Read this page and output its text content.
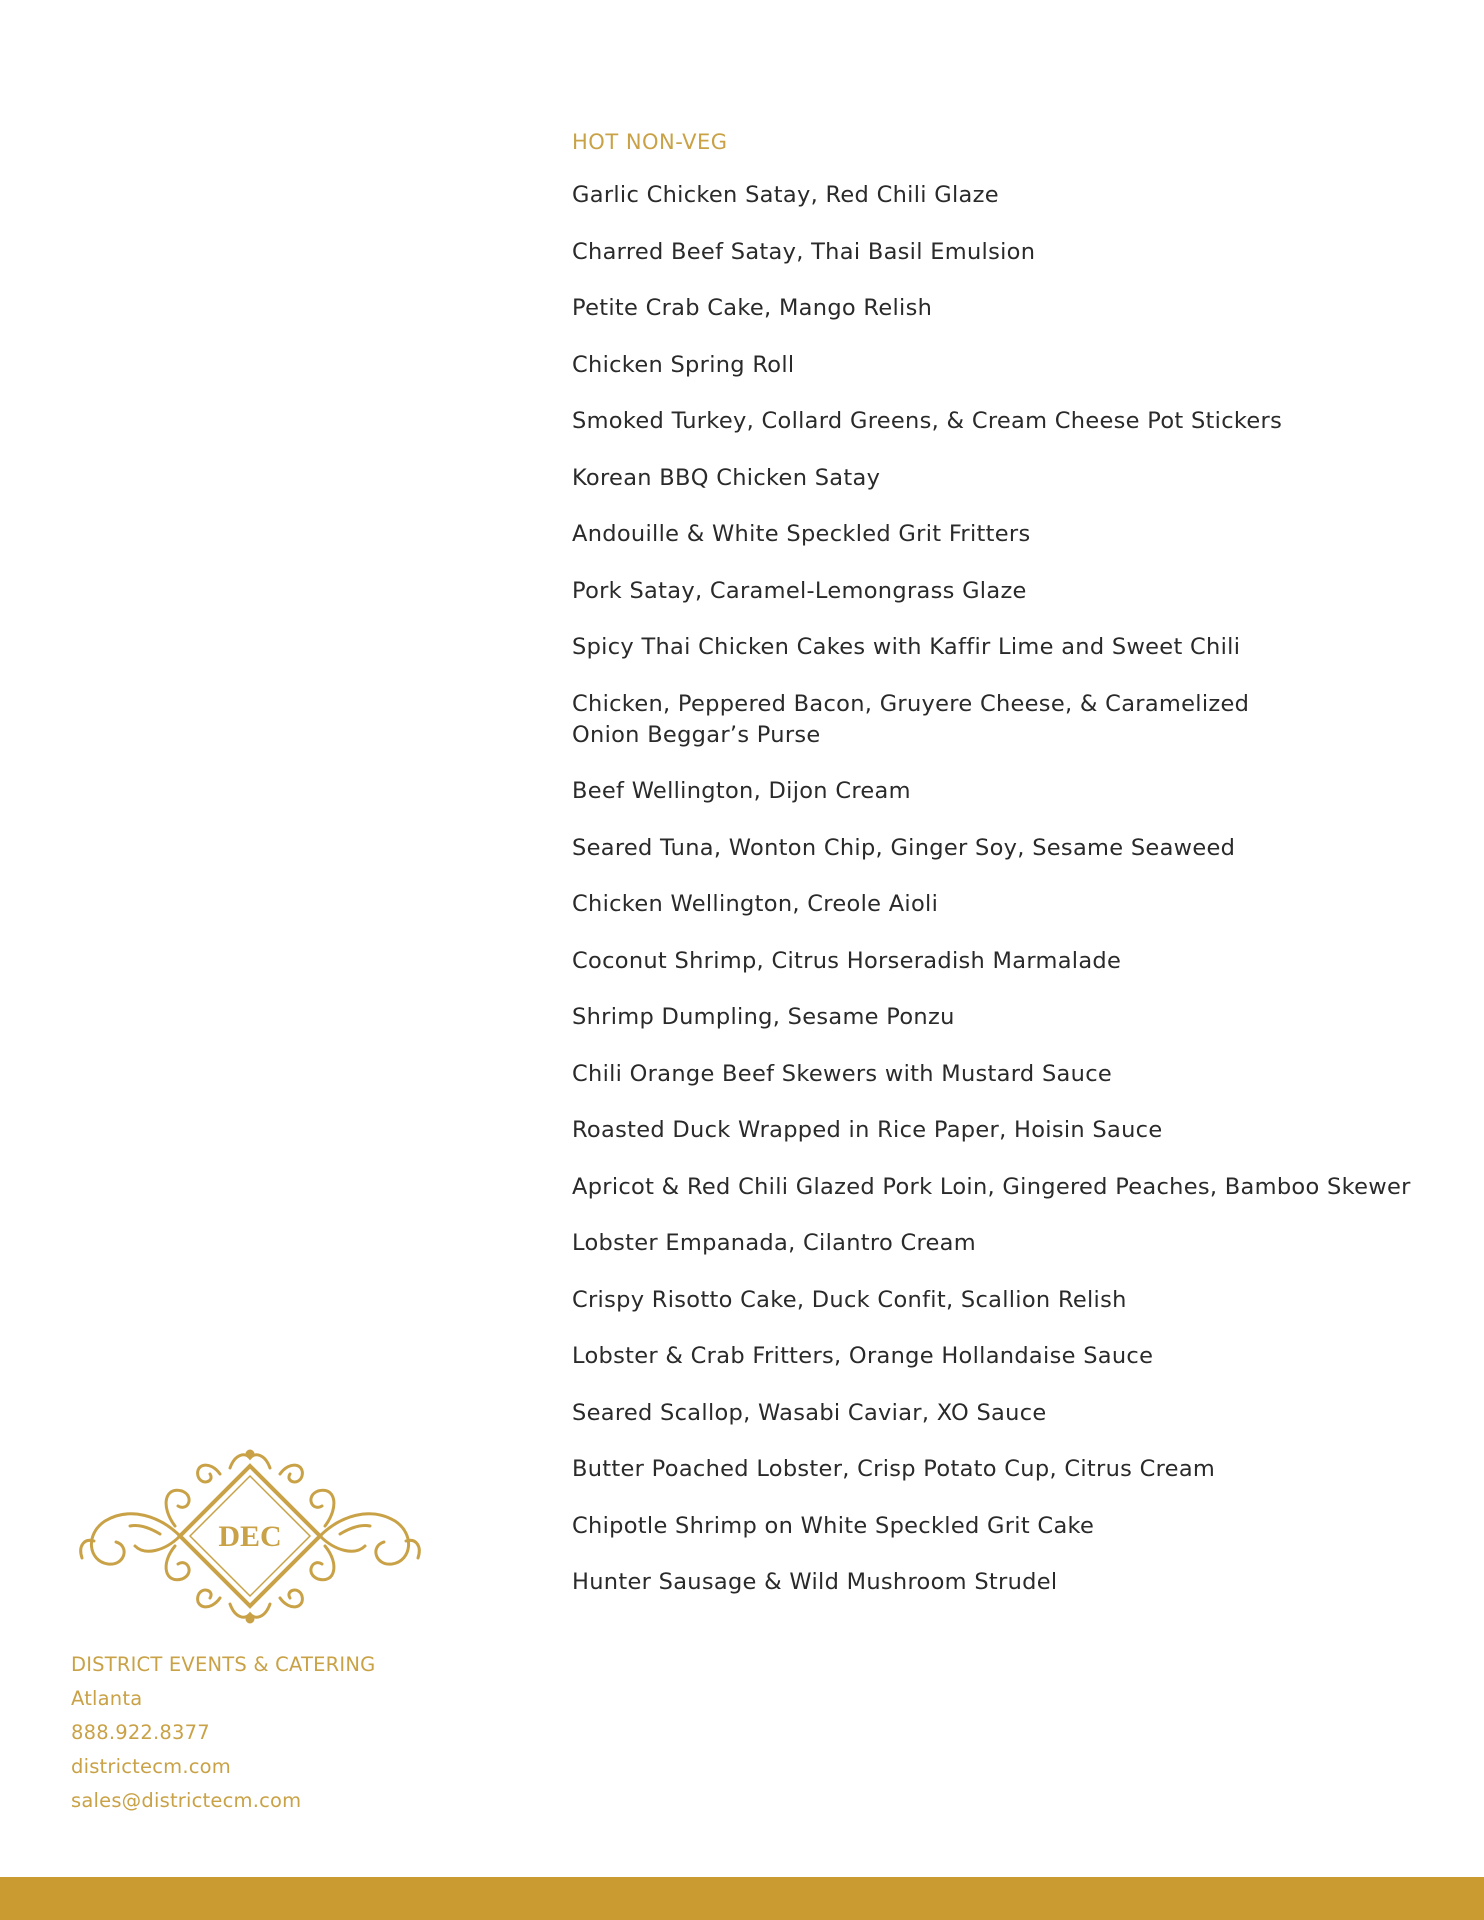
HOT NON-VEG
Garlic Chicken Satay, Red Chili Glaze
Charred Beef Satay, Thai Basil Emulsion
Petite Crab Cake, Mango Relish
Chicken Spring Roll
Smoked Turkey, Collard Greens, & Cream Cheese Pot Stickers
Korean BBQ Chicken Satay
Andouille & White Speckled Grit Fritters
Pork Satay, Caramel-Lemongrass Glaze
Spicy Thai Chicken Cakes with Kaffir Lime and Sweet Chili
Chicken, Peppered Bacon, Gruyere Cheese, & Caramelized
Onion Beggar’s Purse
Beef Wellington, Dijon Cream
Seared Tuna, Wonton Chip, Ginger Soy, Sesame Seaweed
Chicken Wellington, Creole Aioli
Coconut Shrimp, Citrus Horseradish Marmalade
Shrimp Dumpling, Sesame Ponzu
Chili Orange Beef Skewers with Mustard Sauce
Roasted Duck Wrapped in Rice Paper, Hoisin Sauce
Apricot & Red Chili Glazed Pork Loin, Gingered Peaches, Bamboo Skewer
Lobster Empanada, Cilantro Cream
Crispy Risotto Cake, Duck Confit, Scallion Relish
Lobster & Crab Fritters, Orange Hollandaise Sauce
Seared Scallop, Wasabi Caviar, XO Sauce
Butter Poached Lobster, Crisp Potato Cup, Citrus Cream
Chipotle Shrimp on White Speckled Grit Cake
Hunter Sausage & Wild Mushroom Strudel
DEC
DISTRICT EVENTS & CATERING
Atlanta
888.922.8377
districtecm.com
sales@districtecm.com
